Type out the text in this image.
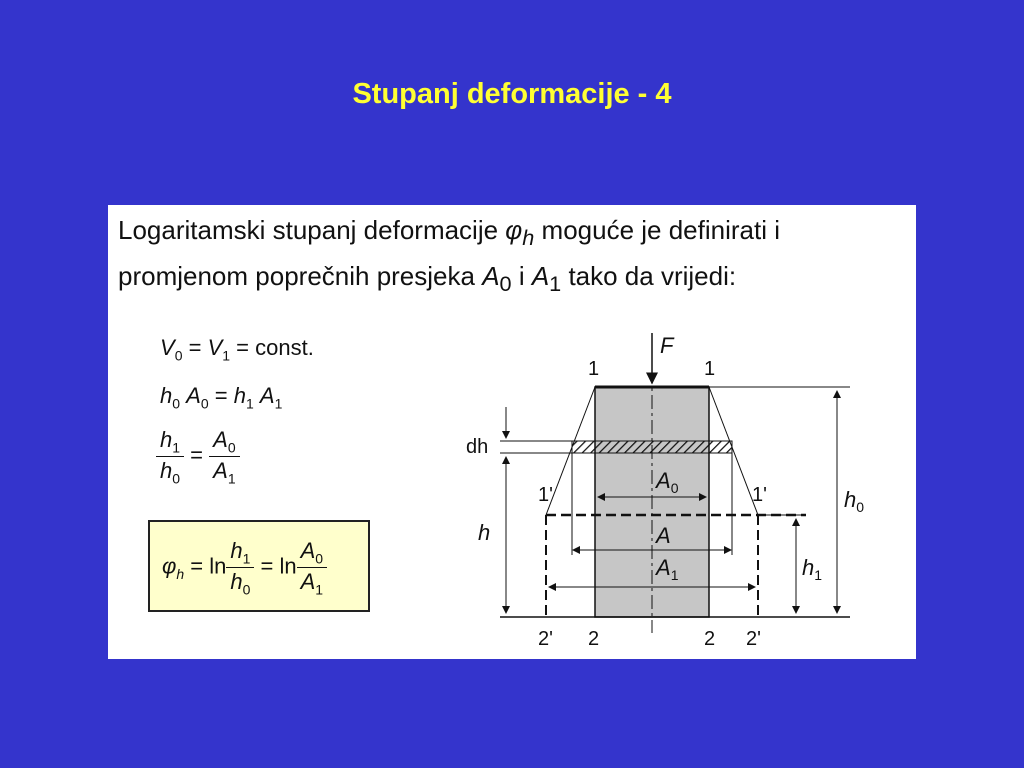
Stupanj deformacije - 4
Logaritamski stupanj deformacije $\varphi_h$ moguće je definirati i
promjenom poprečnih presjeka $A_0$ i $A_1$ tako da vrijedi:
$V_0 = V_1$ = const.
$h_0$ $A_0 = h_1$ $A_1$
$\frac{h_1}{h_0} = \frac{A_0}{A_1}$
$\varphi_h = \ln \frac{h_1}{h_0} = \ln \frac{A_0}{A_1}$
F
1	1
dh
1'	1'
h
$h_0$
$h_1$
$A_0$
A
$A_1$
2' 2	2 2'
